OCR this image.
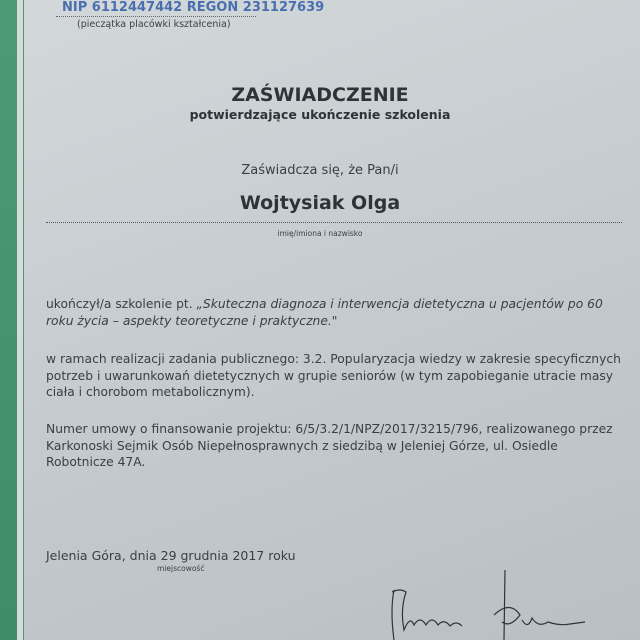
NIP 6112447442 REGON 231127639
(pieczątka placówki kształcenia)
ZAŚWIADCZENIE
potwierdzające ukończenie szkolenia
Zaświadcza się, że Pan/i
Wojtysiak Olga
imię/imiona i nazwisko
ukończył/a szkolenie pt. „Skuteczna diagnoza i interwencja dietetyczna u pacjentów po 60 roku życia – aspekty teoretyczne i praktyczne."
w ramach realizacji zadania publicznego: 3.2. Popularyzacja wiedzy w zakresie specyficznych potrzeb i uwarunkowań dietetycznych w grupie seniorów (w tym zapobieganie utracie masy ciała i chorobom metabolicznym).
Numer umowy o finansowanie projektu: 6/5/3.2/1/NPZ/2017/3215/796, realizowanego przez Karkonoski Sejmik Osób Niepełnosprawnych z siedzibą w Jeleniej Górze, ul. Osiedle Robotnicze 47A.
Jelenia Góra, dnia 29 grudnia 2017 roku
miejscowość
